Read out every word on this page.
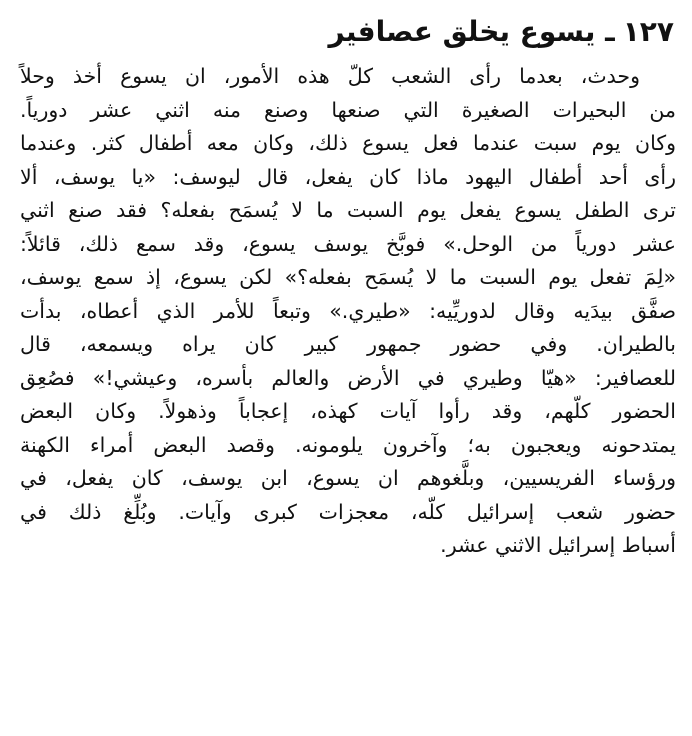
١٢٧ـ يسوع يخلق عصافير
وحدث، بعدما رأى الشعب كلّ هذه الأمور، ان يسوع أخذ وحلاً
من البحيرات الصغيرة التي صنعها وصنع منه اثني عشر دورياً.
وكان يوم سبت عندما فعل يسوع ذلك، وكان معه أطفال كثر. وعندما
رأى أحد أطفال اليهود ماذا كان يفعل، قال ليوسف: «يا يوسف، ألا
ترى الطفل يسوع يفعل يوم السبت ما لا يُسمَح بفعله؟ فقد صنع اثني
عشر دورياً من الوحل.» فوبَّخ يوسف يسوع، وقد سمع ذلك، قائلاً:
«لِمَ تفعل يوم السبت ما لا يُسمَح بفعله؟» لكن يسوع، إذ سمع يوسف،
صفَّق بيدَيه وقال لدوريِّيه: «طيري.» وتبعاً للأمر الذي أعطاه، بدأت
بالطيران. وفي حضور جمهور كبير كان يراه ويسمعه، قال
للعصافير: «هيّا وطيري في الأرض والعالم بأسره، وعيشي!» فصُعِق
الحضور كلّهم، وقد رأوا آيات كهذه، إعجاباً وذهولاً. وكان البعض
يمتدحونه ويعجبون به؛ وآخرون يلومونه. وقصد البعض أمراء الكهنة
ورؤساء الفريسيين، وبلَّغوهم ان يسوع، ابن يوسف، كان يفعل، في
حضور شعب إسرائيل كلّه، معجزات كبرى وآيات. وبُلِّغ ذلك في
أسباط إسرائيل الاثني عشر.
